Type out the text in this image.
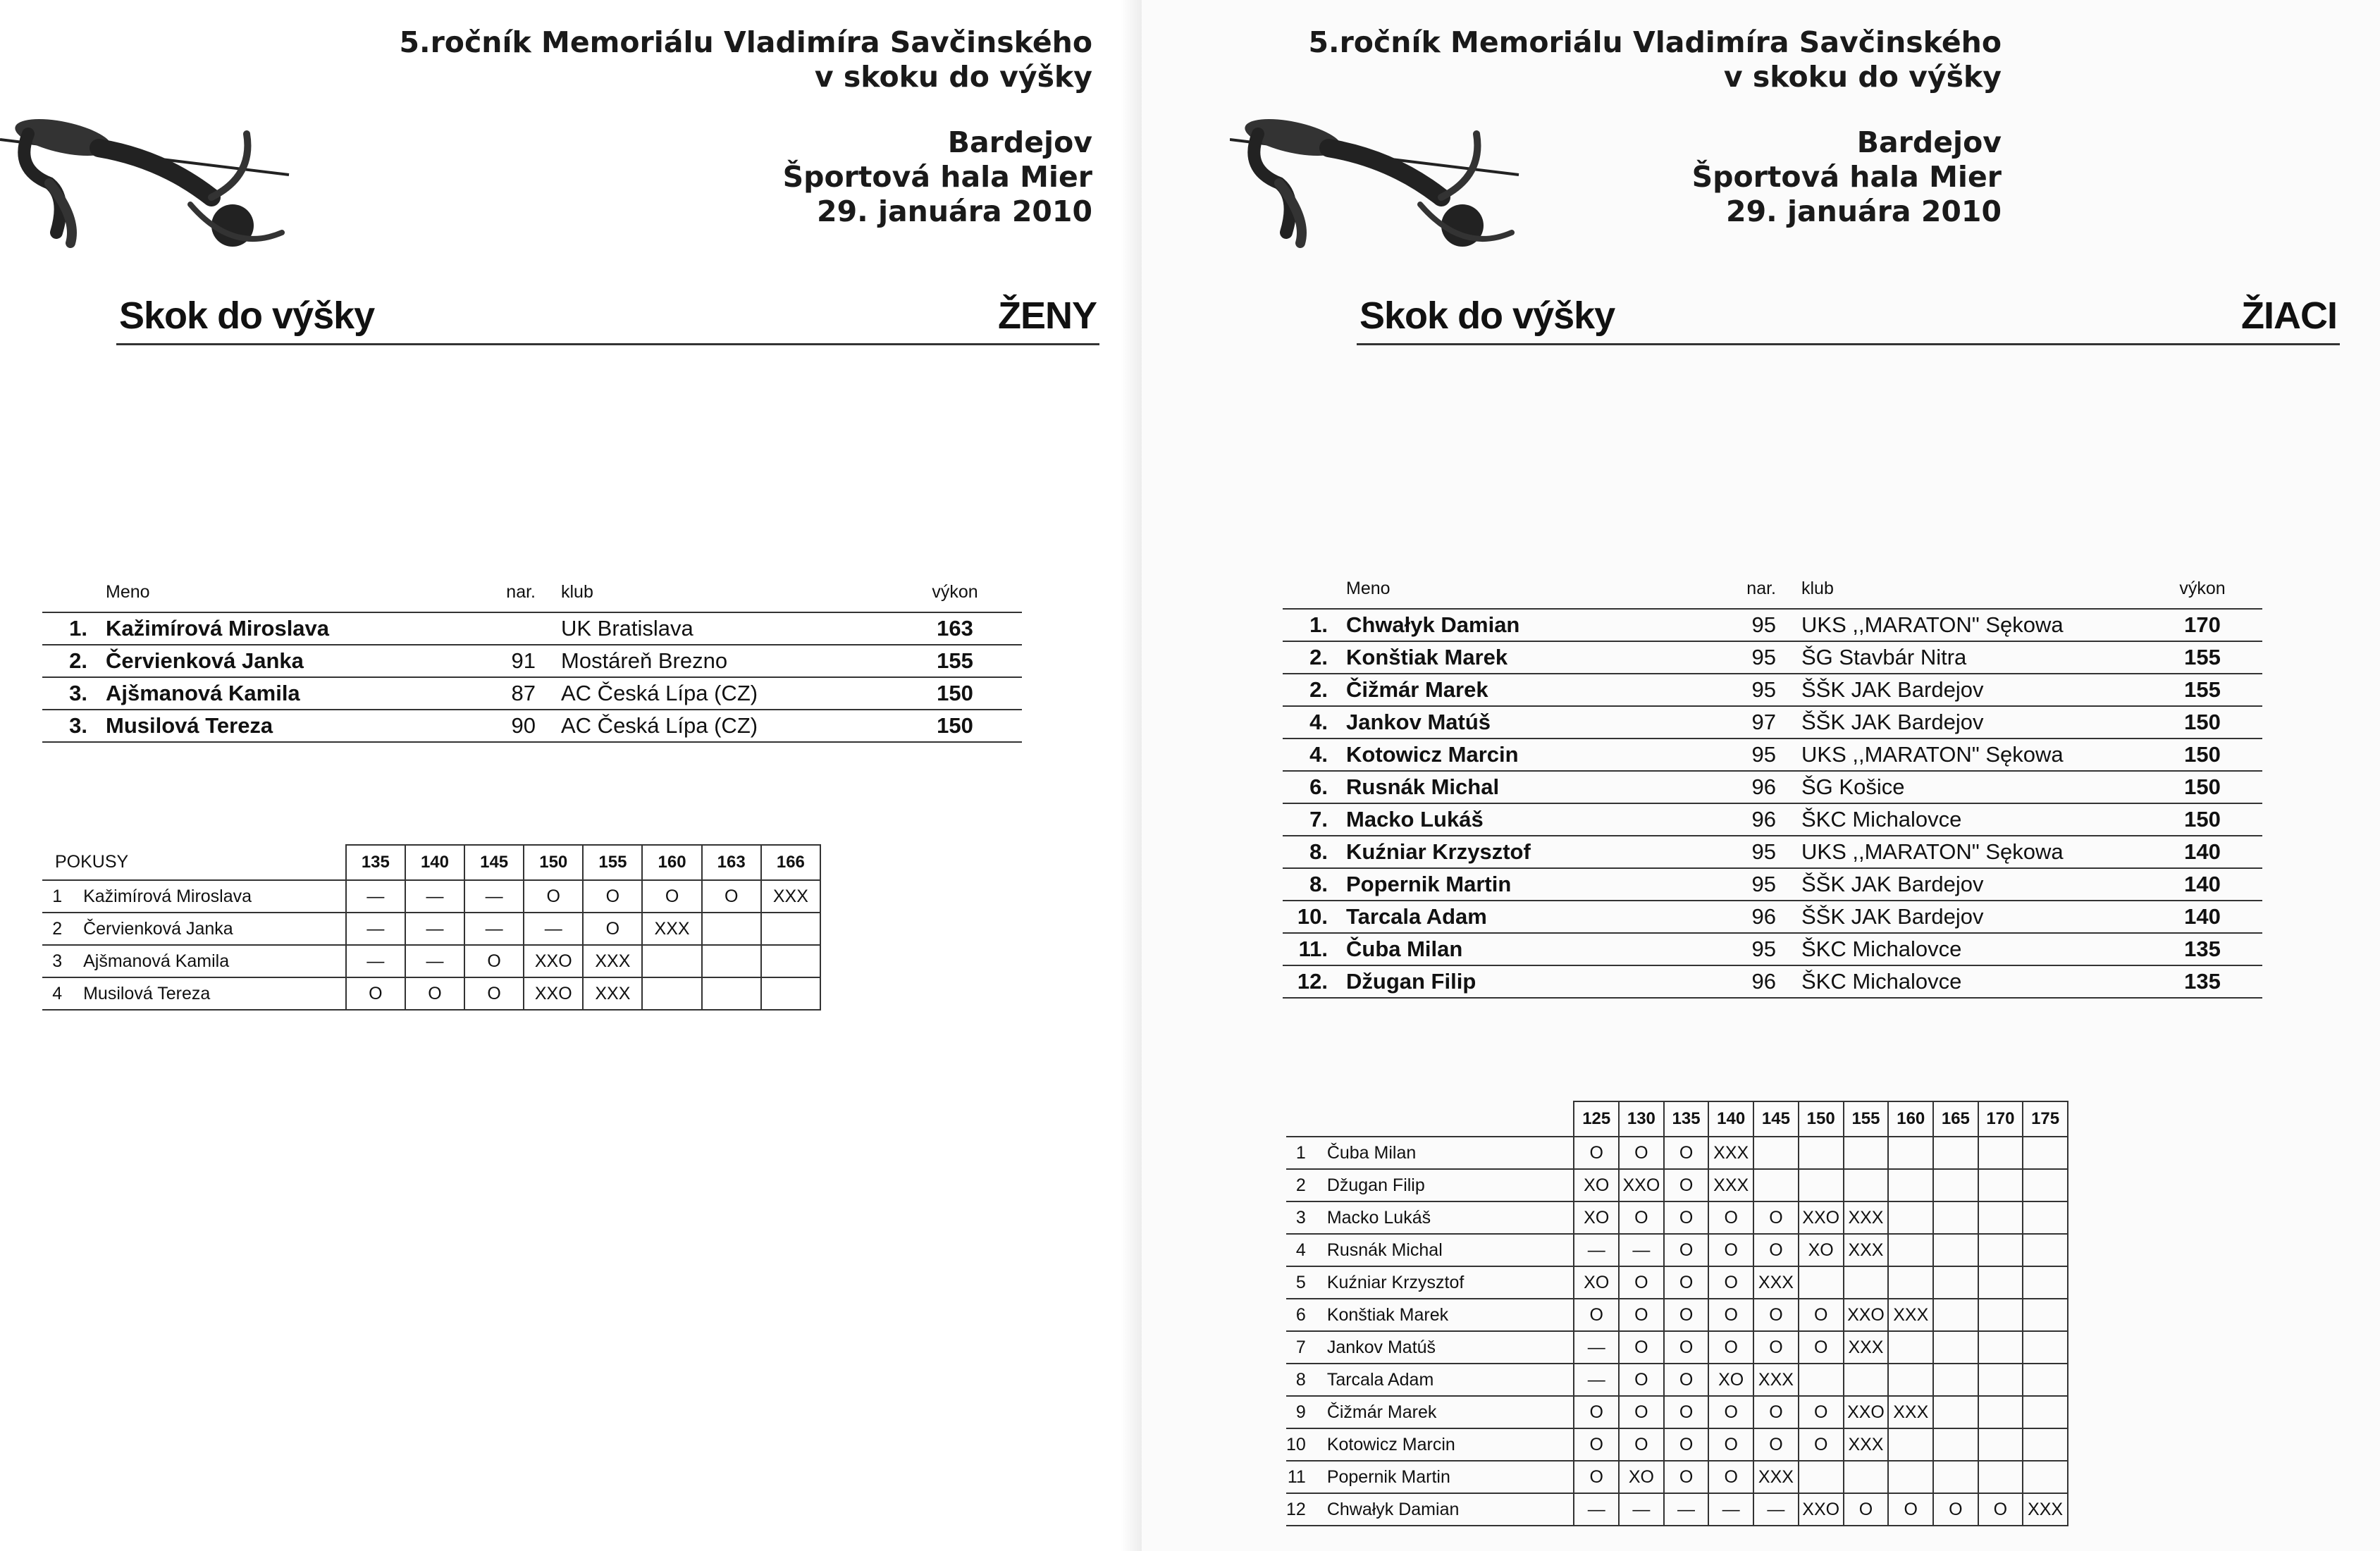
5.ročník Memoriálu Vladimíra Savčinského
v skoku do výšky
Bardejov
Športová hala Mier
29. januára 2010
Skok do výšky	ŽENY
	Meno	nar.	klub	výkon
1.	Kažimírová Miroslava		UK Bratislava	163
2.	Červienková Janka	91	Mostáreň Brezno	155
3.	Ajšmanová Kamila	87	AC Česká Lípa (CZ)	150
3.	Musilová Tereza	90	AC Česká Lípa (CZ)	150
POKUSY		135	140	145	150	155	160	163	166
1	Kažimírová Miroslava	—	—	—	O	O	O	O	XXX
2	Červienková Janka	—	—	—	—	O	XXX		
3	Ajšmanová Kamila	—	—	O	XXO	XXX			
4	Musilová Tereza	O	O	O	XXO	XXX			
5.ročník Memoriálu Vladimíra Savčinského
v skoku do výšky
Bardejov
Športová hala Mier
29. januára 2010
Skok do výšky	ŽIACI
	Meno	nar.	klub	výkon
1.	Chwałyk Damian	95	UKS ,,MARATON" Sękowa	170
2.	Konštiak Marek	95	ŠG Stavbár Nitra	155
2.	Čižmár Marek	95	ŠŠK JAK Bardejov	155
4.	Jankov Matúš	97	ŠŠK JAK Bardejov	150
4.	Kotowicz Marcin	95	UKS ,,MARATON" Sękowa	150
6.	Rusnák Michal	96	ŠG Košice	150
7.	Macko Lukáš	96	ŠKC Michalovce	150
8.	Kuźniar Krzysztof	95	UKS ,,MARATON" Sękowa	140
8.	Popernik Martin	95	ŠŠK JAK Bardejov	140
10.	Tarcala Adam	96	ŠŠK JAK Bardejov	140
11.	Čuba Milan	95	ŠKC Michalovce	135
12.	Džugan Filip	96	ŠKC Michalovce	135
		125	130	135	140	145	150	155	160	165	170	175
1	Čuba Milan	O	O	O	XXX							
2	Džugan Filip	XO	XXO	O	XXX							
3	Macko Lukáš	XO	O	O	O	O	XXO	XXX				
4	Rusnák Michal	—	—	O	O	O	XO	XXX				
5	Kuźniar Krzysztof	XO	O	O	O	XXX						
6	Konštiak Marek	O	O	O	O	O	O	XXO	XXX			
7	Jankov Matúš	—	O	O	O	O	O	XXX				
8	Tarcala Adam	—	O	O	XO	XXX						
9	Čižmár Marek	O	O	O	O	O	O	XXO	XXX			
10	Kotowicz Marcin	O	O	O	O	O	O	XXX				
11	Popernik Martin	O	XO	O	O	XXX						
12	Chwałyk Damian	—	—	—	—	—	XXO	O	O	O	O	XXX
